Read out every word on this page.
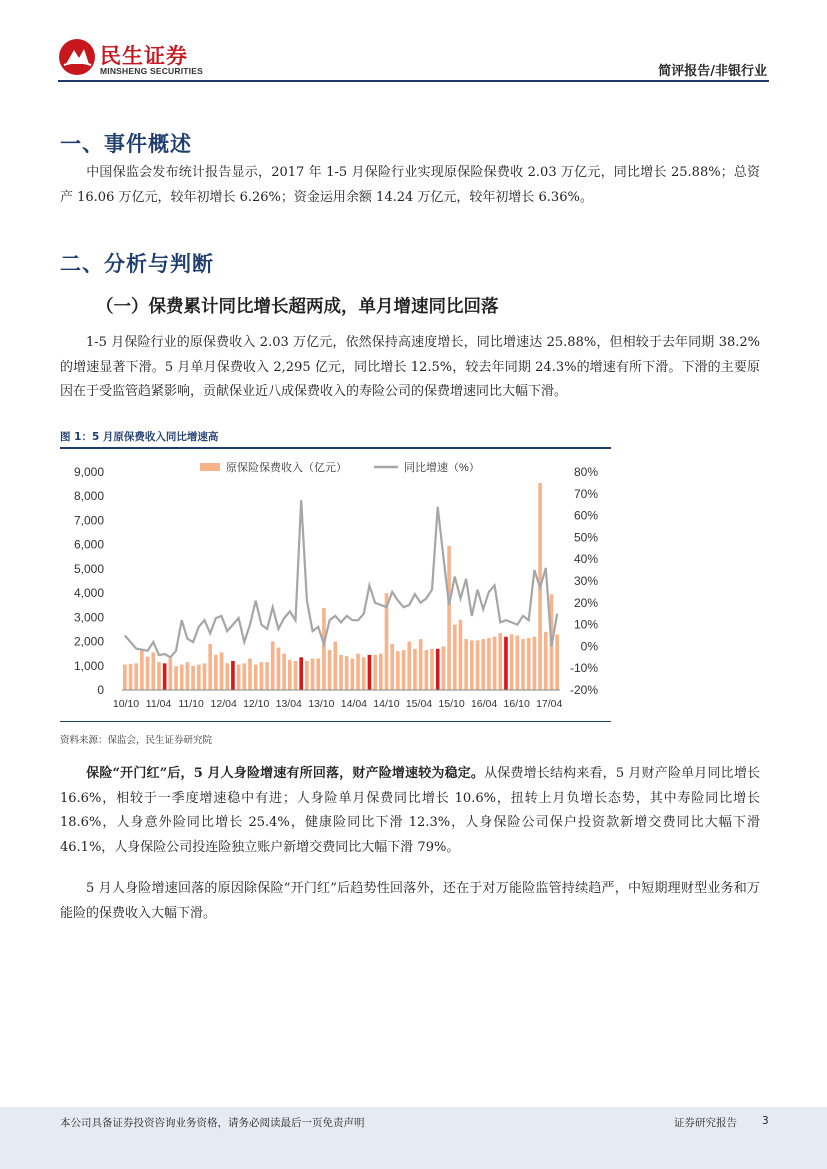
民生证券
MINSHENG SECURITIES	简评报告/非银行业
一、事件概述
中国保监会发布统计报告显示，2017 年 1-5 月保险行业实现原保险保费收 2.03 万亿元，同比增长 25.88%；总资产 16.06 万亿元，较年初增长 6.26%；资金运用余额 14.24 万亿元，较年初增长 6.36%。
二、分析与判断
（一）保费累计同比增长超两成，单月增速同比回落
1-5 月保险行业的原保费收入 2.03 万亿元，依然保持高速度增长，同比增速达 25.88%，但相较于去年同期 38.2%的增速显著下滑。5 月单月保费收入 2,295 亿元，同比增长 12.5%，较去年同期 24.3%的增速有所下滑。下滑的主要原因在于受监管趋紧影响，贡献保业近八成保费收入的寿险公司的保费增速同比大幅下滑。
图 1：5 月原保费收入同比增速高
9,000
8,000
7,000
6,000
5,000
4,000
3,000
2,000
1,000
0
80%
70%
60%
50%
40%
30%
20%
10%
0%
-10%
-20%
10/10 11/04 11/10 12/04 12/10 13/04 13/10 14/04 14/10 15/04 15/10 16/04 16/10 17/04
原保险保费收入（亿元）	同比增速（%）
资料来源：保监会，民生证券研究院
保险“开门红”后，5 月人身险增速有所回落，财产险增速较为稳定。从保费增长结构来看，5 月财产险单月同比增长 16.6%，相较于一季度增速稳中有进；人身险单月保费同比增长 10.6%，扭转上月负增长态势，其中寿险同比增长 18.6%，人身意外险同比增长 25.4%，健康险同比下滑 12.3%，人身保险公司保户投资款新增交费同比大幅下滑 46.1%，人身保险公司投连险独立账户新增交费同比大幅下滑 79%。
5 月人身险增速回落的原因除保险“开门红”后趋势性回落外，还在于对万能险监管持续趋严，中短期理财型业务和万能险的保费收入大幅下滑。
本公司具备证券投资咨询业务资格，请务必阅读最后一页免责声明	证券研究报告 3
